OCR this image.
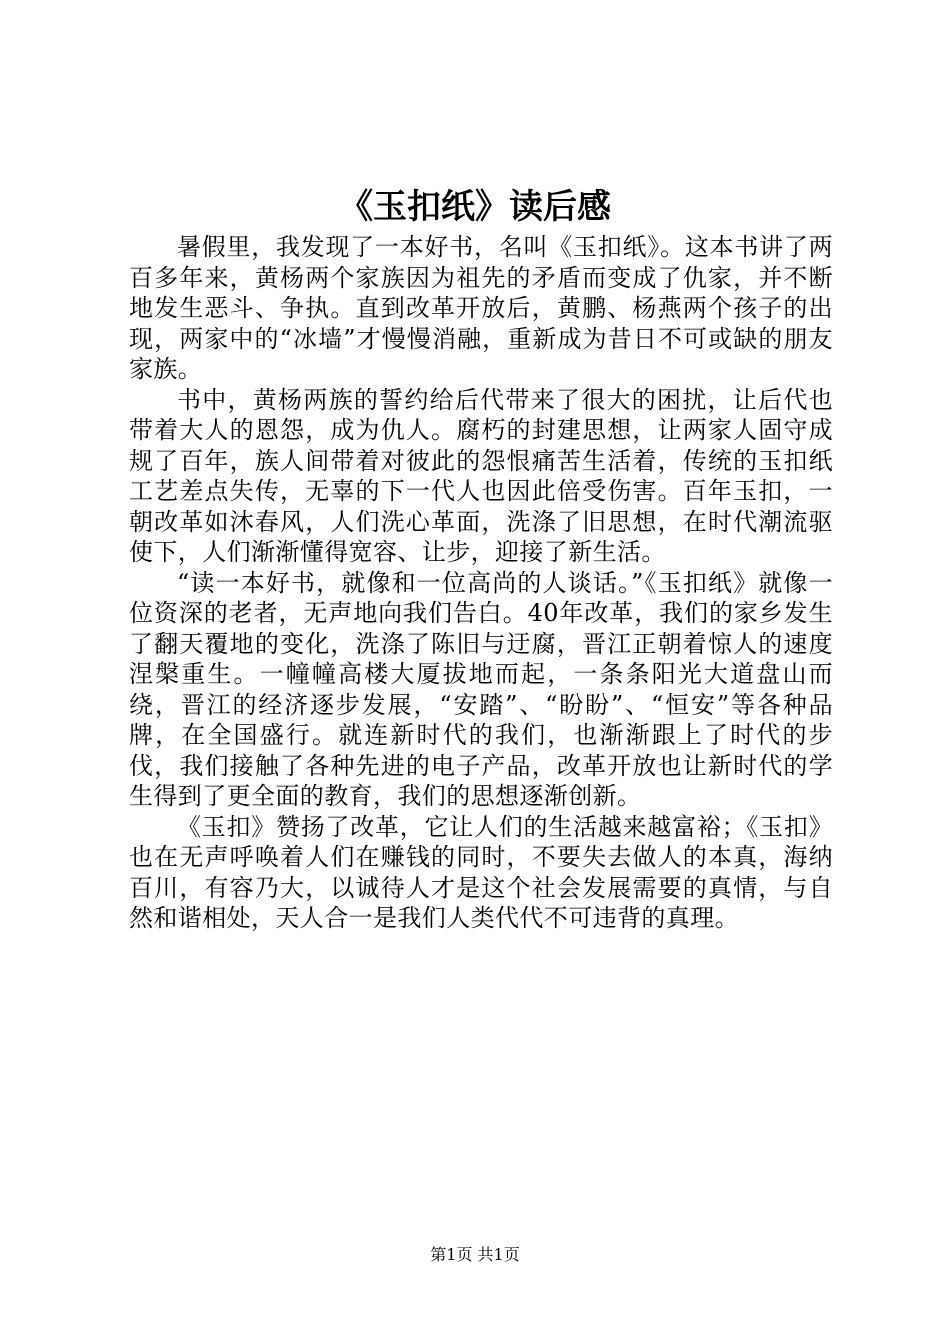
《玉扣纸》读后感

暑假里，我发现了一本好书，名叫《玉扣纸》。这本书讲了两百多年来，黄杨两个家族因为祖先的矛盾而变成了仇家，并不断地发生恶斗、争执。直到改革开放后，黄鹏、杨燕两个孩子的出现，两家中的“冰墙”才慢慢消融，重新成为昔日不可或缺的朋友家族。

书中，黄杨两族的誓约给后代带来了很大的困扰，让后代也带着大人的恩怨，成为仇人。腐朽的封建思想，让两家人固守成规了百年，族人间带着对彼此的怨恨痛苦生活着，传统的玉扣纸工艺差点失传，无辜的下一代人也因此倍受伤害。百年玉扣，一朝改革如沐春风，人们洗心革面，洗涤了旧思想，在时代潮流驱使下，人们渐渐懂得宽容、让步，迎接了新生活。

“读一本好书，就像和一位高尚的人谈话。”《玉扣纸》就像一位资深的老者，无声地向我们告白。40年改革，我们的家乡发生了翻天覆地的变化，洗涤了陈旧与迂腐，晋江正朝着惊人的速度涅槃重生。一幢幢高楼大厦拔地而起，一条条阳光大道盘山而绕，晋江的经济逐步发展，“安踏”、“盼盼”、“恒安”等各种品牌，在全国盛行。就连新时代的我们，也渐渐跟上了时代的步伐，我们接触了各种先进的电子产品，改革开放也让新时代的学生得到了更全面的教育，我们的思想逐渐创新。

《玉扣》赞扬了改革，它让人们的生活越来越富裕；《玉扣》也在无声呼唤着人们在赚钱的同时，不要失去做人的本真，海纳百川，有容乃大，以诚待人才是这个社会发展需要的真情，与自然和谐相处，天人合一是我们人类代代不可违背的真理。

第1页 共1页
